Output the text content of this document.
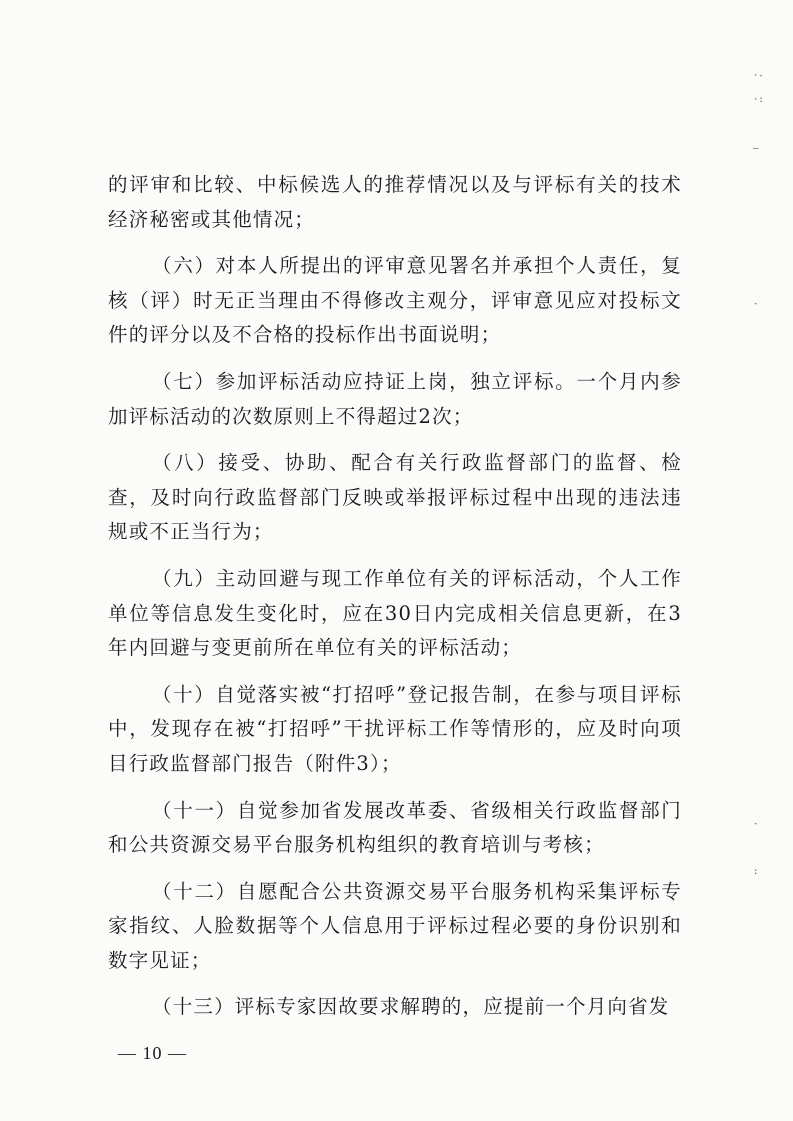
·-
·:
—
-
-
:

的评审和比较、中标候选人的推荐情况以及与评标有关的技术经济秘密或其他情况；

（六）对本人所提出的评审意见署名并承担个人责任，复核（评）时无正当理由不得修改主观分，评审意见应对投标文件的评分以及不合格的投标作出书面说明；

（七）参加评标活动应持证上岗，独立评标。一个月内参加评标活动的次数原则上不得超过2次；

（八）接受、协助、配合有关行政监督部门的监督、检查，及时向行政监督部门反映或举报评标过程中出现的违法违规或不正当行为；

（九）主动回避与现工作单位有关的评标活动，个人工作单位等信息发生变化时，应在30日内完成相关信息更新，在3年内回避与变更前所在单位有关的评标活动；

（十）自觉落实被“打招呼”登记报告制，在参与项目评标中，发现存在被“打招呼”干扰评标工作等情形的，应及时向项目行政监督部门报告（附件3）；

（十一）自觉参加省发展改革委、省级相关行政监督部门和公共资源交易平台服务机构组织的教育培训与考核；

（十二）自愿配合公共资源交易平台服务机构采集评标专家指纹、人脸数据等个人信息用于评标过程必要的身份识别和数字见证；

（十三）评标专家因故要求解聘的，应提前一个月向省发

— 10 —
